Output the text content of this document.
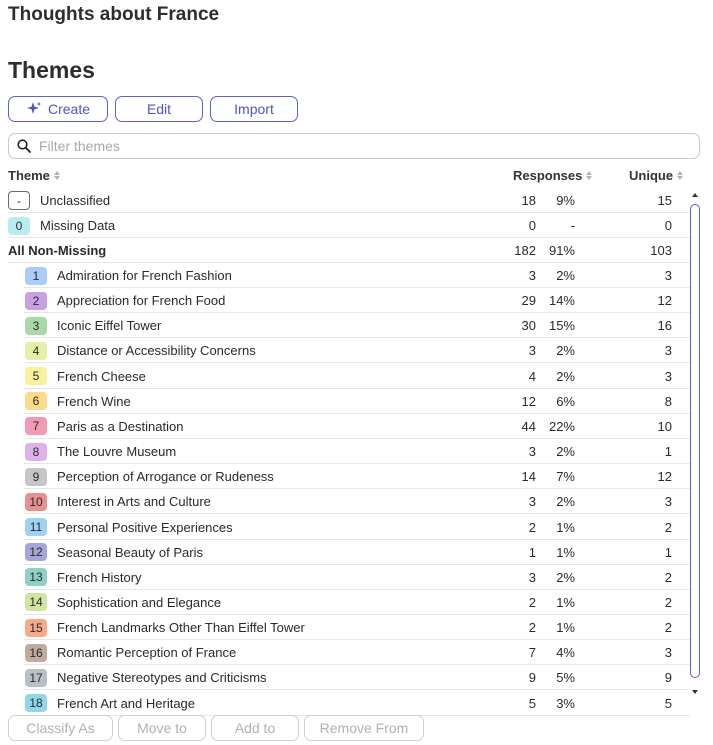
Thoughts about France
Themes
Create	Edit	Import
Filter themes
Theme	Responses	Unique
-	Unclassified	18	9%	15
0	Missing Data	0	-	0
All Non-Missing	182 91%	103
1	Admiration for French Fashion	3	2%	3
2	Appreciation for French Food	29 14%	12
3	Iconic Eiffel Tower	30 15%	16
4	Distance or Accessibility Concerns	3	2%	3
5	French Cheese	4	2%	3
6	French Wine	12	6%	8
7	Paris as a Destination	44 22%	10
8	The Louvre Museum	3	2%	1
9	Perception of Arrogance or Rudeness	14	7%	12
10	Interest in Arts and Culture	3	2%	3
11	Personal Positive Experiences	2	1%	2
12	Seasonal Beauty of Paris	1	1%	1
13	French History	3	2%	2
14	Sophistication and Elegance	2	1%	2
15	French Landmarks Other Than Eiffel Tower	2	1%	2
16	Romantic Perception of France	7	4%	3
17	Negative Stereotypes and Criticisms	9	5%	9
18	French Art and Heritage	5	3%	5
Classify As	Move to	Add to	Remove From
